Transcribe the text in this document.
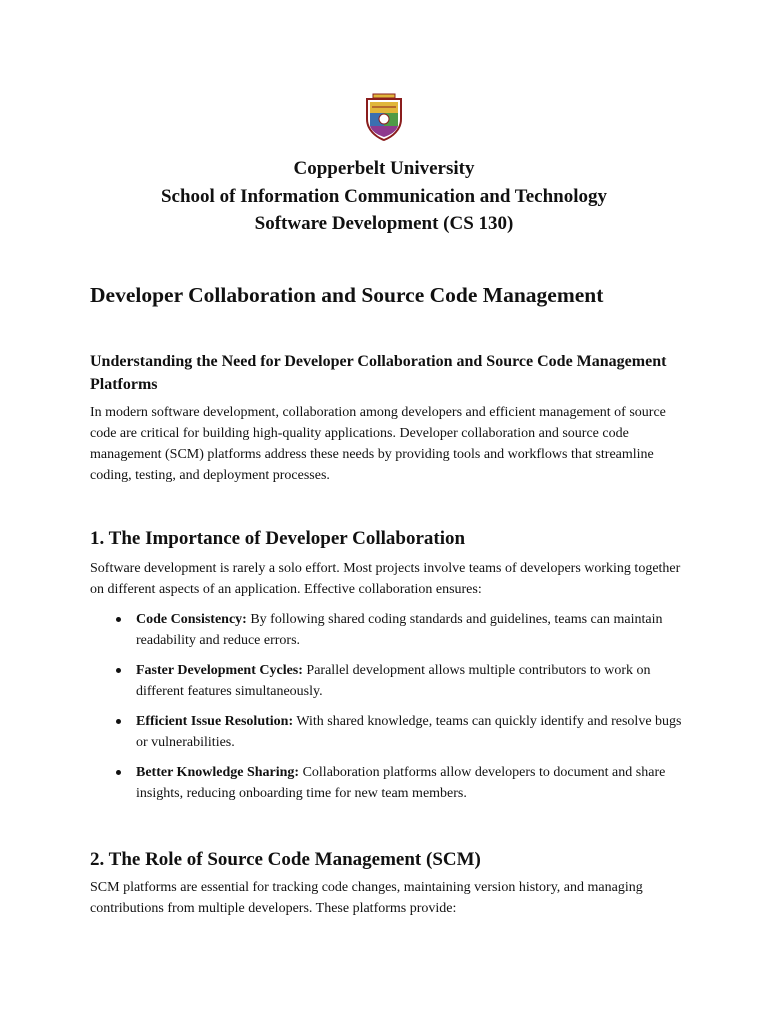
Copperbelt University
School of Information Communication and Technology
Software Development (CS 130)
Developer Collaboration and Source Code Management
Understanding the Need for Developer Collaboration and Source Code Management Platforms

In modern software development, collaboration among developers and efficient management of source code are critical for building high-quality applications. Developer collaboration and source code management (SCM) platforms address these needs by providing tools and workflows that streamline coding, testing, and deployment processes.

1. The Importance of Developer Collaboration

Software development is rarely a solo effort. Most projects involve teams of developers working together on different aspects of an application. Effective collaboration ensures:

Code Consistency: By following shared coding standards and guidelines, teams can maintain readability and reduce errors.
Faster Development Cycles: Parallel development allows multiple contributors to work on different features simultaneously.
Efficient Issue Resolution: With shared knowledge, teams can quickly identify and resolve bugs or vulnerabilities.
Better Knowledge Sharing: Collaboration platforms allow developers to document and share insights, reducing onboarding time for new team members.
2. The Role of Source Code Management (SCM)

SCM platforms are essential for tracking code changes, maintaining version history, and managing contributions from multiple developers. These platforms provide:
